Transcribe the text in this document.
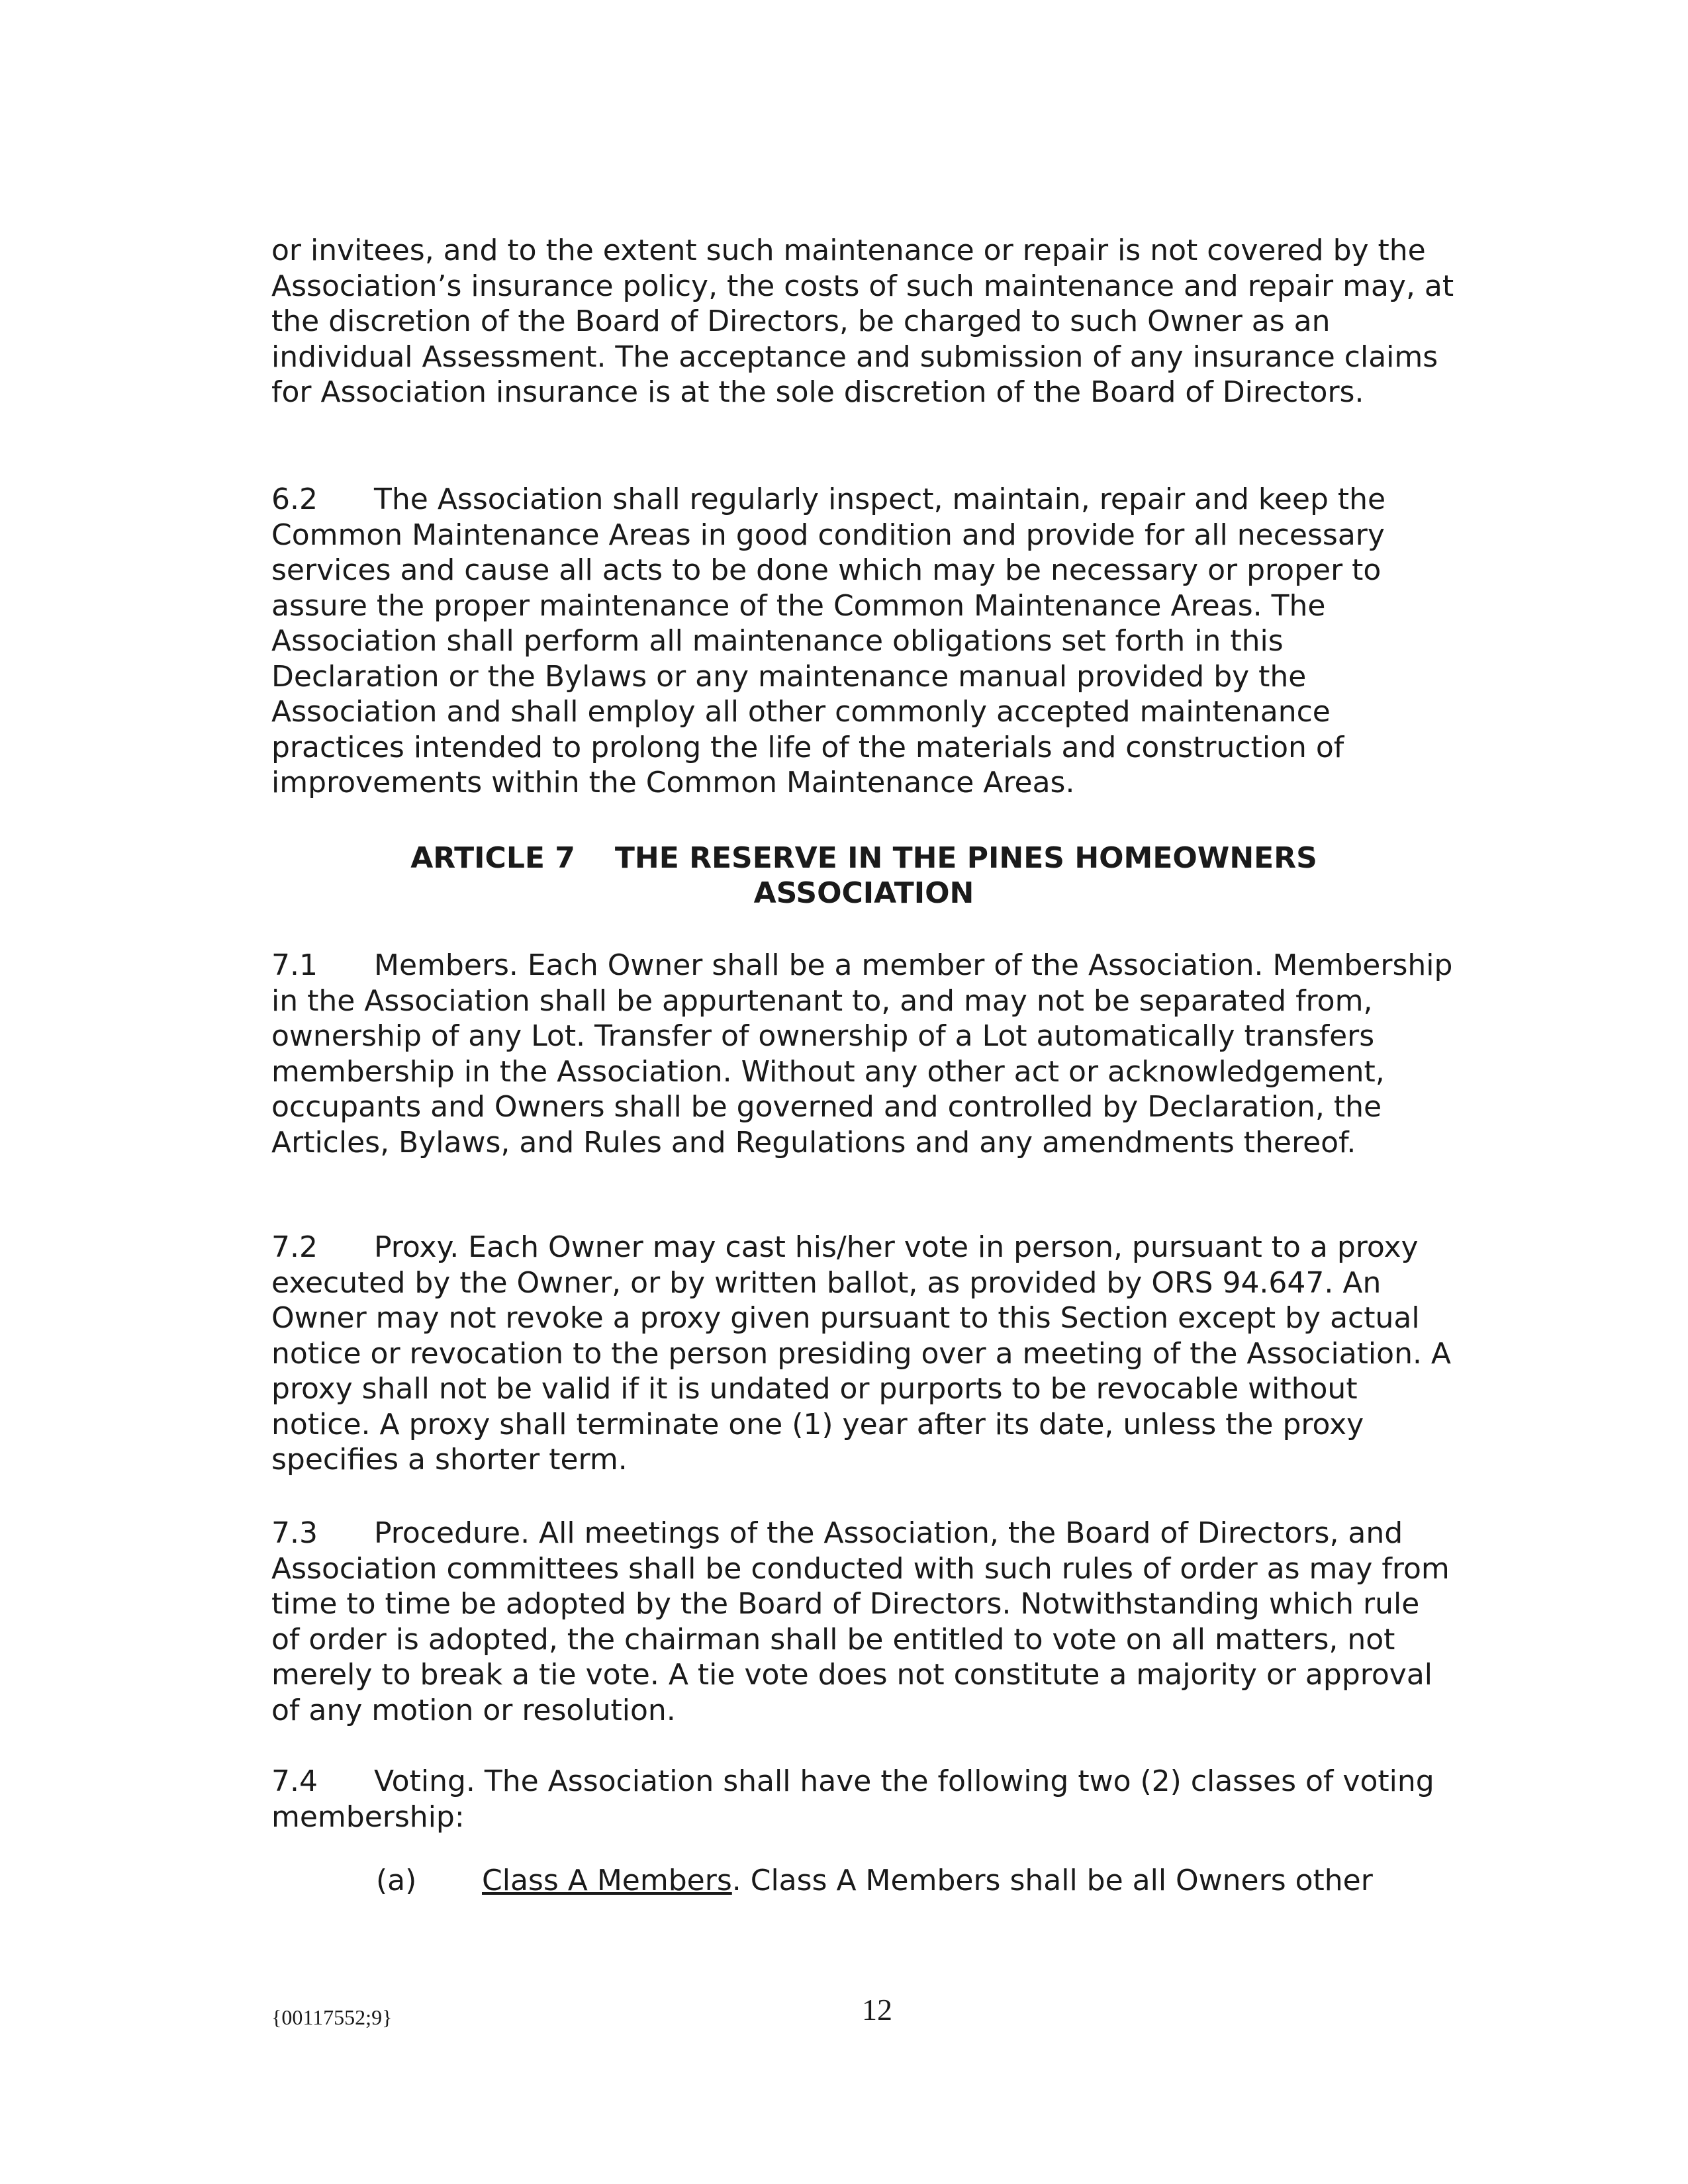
or invitees, and to the extent such maintenance or repair is not covered by the Association’s insurance policy, the costs of such maintenance and repair may, at the discretion of the Board of Directors, be charged to such Owner as an individual Assessment. The acceptance and submission of any insurance claims for Association insurance is at the sole discretion of the Board of Directors.

6.2 The Association shall regularly inspect, maintain, repair and keep the Common Maintenance Areas in good condition and provide for all necessary services and cause all acts to be done which may be necessary or proper to assure the proper maintenance of the Common Maintenance Areas. The Association shall perform all maintenance obligations set forth in this Declaration or the Bylaws or any maintenance manual provided by the Association and shall employ all other commonly accepted maintenance practices intended to prolong the life of the materials and construction of improvements within the Common Maintenance Areas.

ARTICLE 7 THE RESERVE IN THE PINES HOMEOWNERS
ASSOCIATION

7.1 Members. Each Owner shall be a member of the Association. Membership in the Association shall be appurtenant to, and may not be separated from, ownership of any Lot. Transfer of ownership of a Lot automatically transfers membership in the Association. Without any other act or acknowledgement, occupants and Owners shall be governed and controlled by Declaration, the Articles, Bylaws, and Rules and Regulations and any amendments thereof.

7.2 Proxy. Each Owner may cast his/her vote in person, pursuant to a proxy executed by the Owner, or by written ballot, as provided by ORS 94.647. An Owner may not revoke a proxy given pursuant to this Section except by actual notice or revocation to the person presiding over a meeting of the Association. A proxy shall not be valid if it is undated or purports to be revocable without notice. A proxy shall terminate one (1) year after its date, unless the proxy specifies a shorter term.

7.3 Procedure. All meetings of the Association, the Board of Directors, and Association committees shall be conducted with such rules of order as may from time to time be adopted by the Board of Directors. Notwithstanding which rule of order is adopted, the chairman shall be entitled to vote on all matters, not merely to break a tie vote. A tie vote does not constitute a majority or approval of any motion or resolution.

7.4 Voting. The Association shall have the following two (2) classes of voting membership:

(a) Class A Members. Class A Members shall be all Owners other

{00117552;9}	12
